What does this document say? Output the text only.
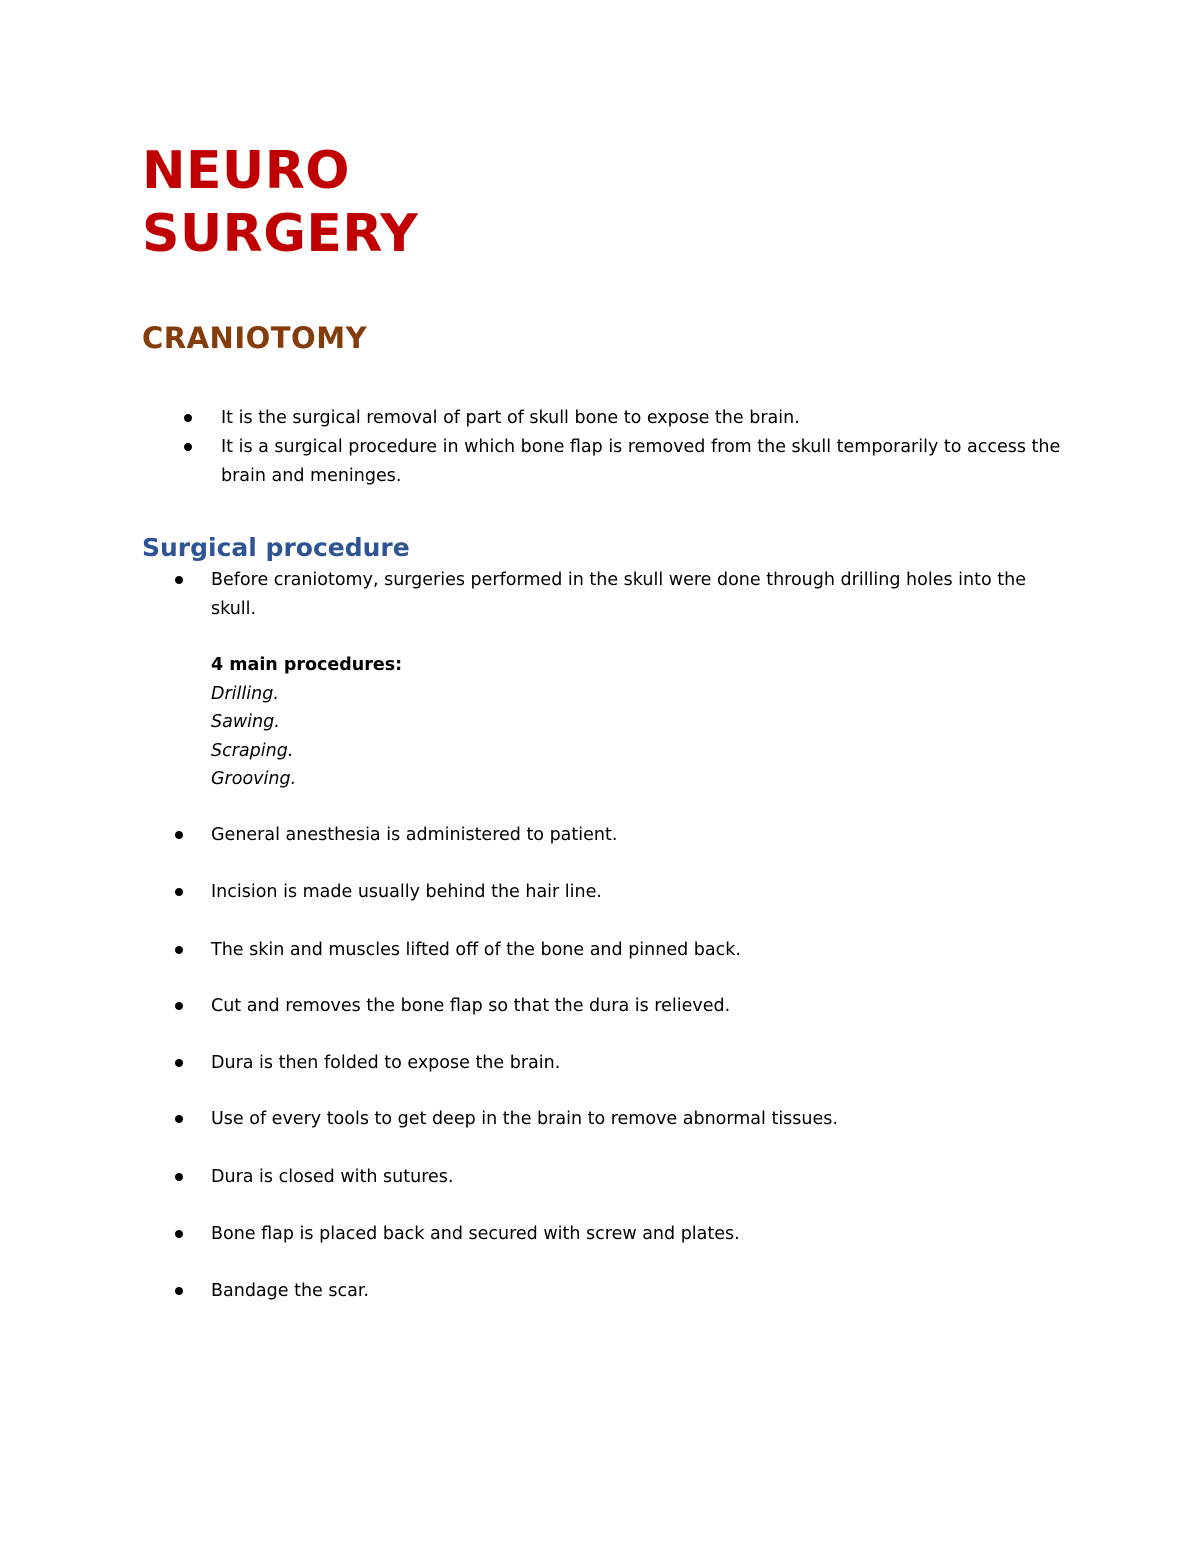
NEURO
SURGERY
CRANIOTOMY
It is the surgical removal of part of skull bone to expose the brain.
It is a surgical procedure in which bone flap is removed from the skull temporarily to access the brain and meninges.
Surgical procedure
Before craniotomy, surgeries performed in the skull were done through drilling holes into the skull.
4 main procedures:
Drilling.
Sawing.
Scraping.
Grooving.
General anesthesia is administered to patient.
Incision is made usually behind the hair line.
The skin and muscles lifted off of the bone and pinned back.
Cut and removes the bone flap so that the dura is relieved.
Dura is then folded to expose the brain.
Use of every tools to get deep in the brain to remove abnormal tissues.
Dura is closed with sutures.
Bone flap is placed back and secured with screw and plates.
Bandage the scar.
